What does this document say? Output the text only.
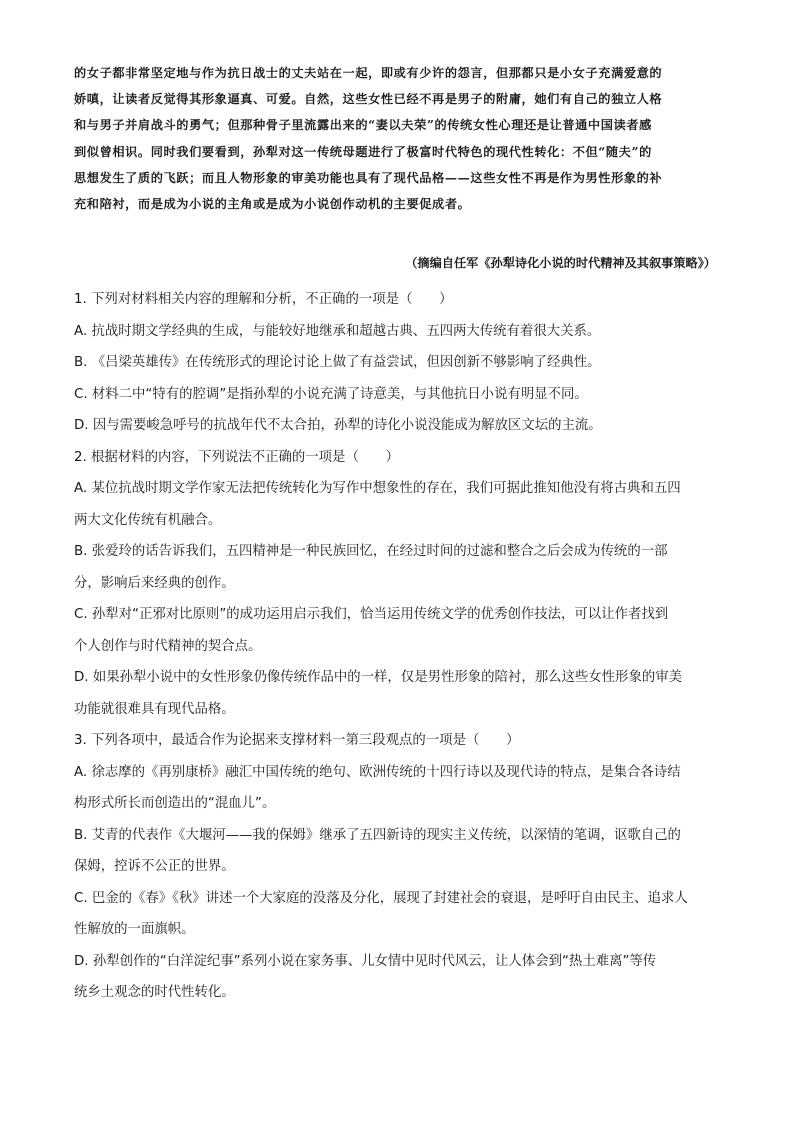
的女子都非常坚定地与作为抗日战士的丈夫站在一起，即或有少许的怨言，但那都只是小女子充满爱意的
娇嗔，让读者反觉得其形象逼真、可爱。自然，这些女性已经不再是男子的附庸，她们有自己的独立人格
和与男子并肩战斗的勇气；但那种骨子里流露出来的“妻以夫荣”的传统女性心理还是让普通中国读者感
到似曾相识。同时我们要看到，孙犁对这一传统母题进行了极富时代特色的现代性转化：不但“随夫”的
思想发生了质的飞跃；而且人物形象的审美功能也具有了现代品格——这些女性不再是作为男性形象的补
充和陪衬，而是成为小说的主角或是成为小说创作动机的主要促成者。
（摘编自任军《孙犁诗化小说的时代精神及其叙事策略》）
1. 下列对材料相关内容的理解和分析，不正确的一项是（　　）
A. 抗战时期文学经典的生成，与能较好地继承和超越古典、五四两大传统有着很大关系。
B. 《吕梁英雄传》在传统形式的理论讨论上做了有益尝试，但因创新不够影响了经典性。
C. 材料二中“特有的腔调”是指孙犁的小说充满了诗意美，与其他抗日小说有明显不同。
D. 因与需要峻急呼号的抗战年代不太合拍，孙犁的诗化小说没能成为解放区文坛的主流。
2. 根据材料的内容，下列说法不正确的一项是（　　）
A. 某位抗战时期文学作家无法把传统转化为写作中想象性的存在，我们可据此推知他没有将古典和五四
两大文化传统有机融合。
B. 张爱玲的话告诉我们，五四精神是一种民族回忆，在经过时间的过滤和整合之后会成为传统的一部
分，影响后来经典的创作。
C. 孙犁对“正邪对比原则”的成功运用启示我们，恰当运用传统文学的优秀创作技法，可以让作者找到
个人创作与时代精神的契合点。
D. 如果孙犁小说中的女性形象仍像传统作品中的一样，仅是男性形象的陪衬，那么这些女性形象的审美
功能就很难具有现代品格。
3. 下列各项中，最适合作为论据来支撑材料一第三段观点的一项是（　　）
A. 徐志摩的《再别康桥》融汇中国传统的绝句、欧洲传统的十四行诗以及现代诗的特点，是集合各诗结
构形式所长而创造出的“混血儿”。
B. 艾青的代表作《大堰河——我的保姆》继承了五四新诗的现实主义传统，以深情的笔调，讴歌自己的
保姆，控诉不公正的世界。
C. 巴金的《春》《秋》讲述一个大家庭的没落及分化，展现了封建社会的衰退，是呼吁自由民主、追求人
性解放的一面旗帜。
D. 孙犁创作的“白洋淀纪事”系列小说在家务事、儿女情中见时代风云，让人体会到“热土难离”等传
统乡土观念的时代性转化。
